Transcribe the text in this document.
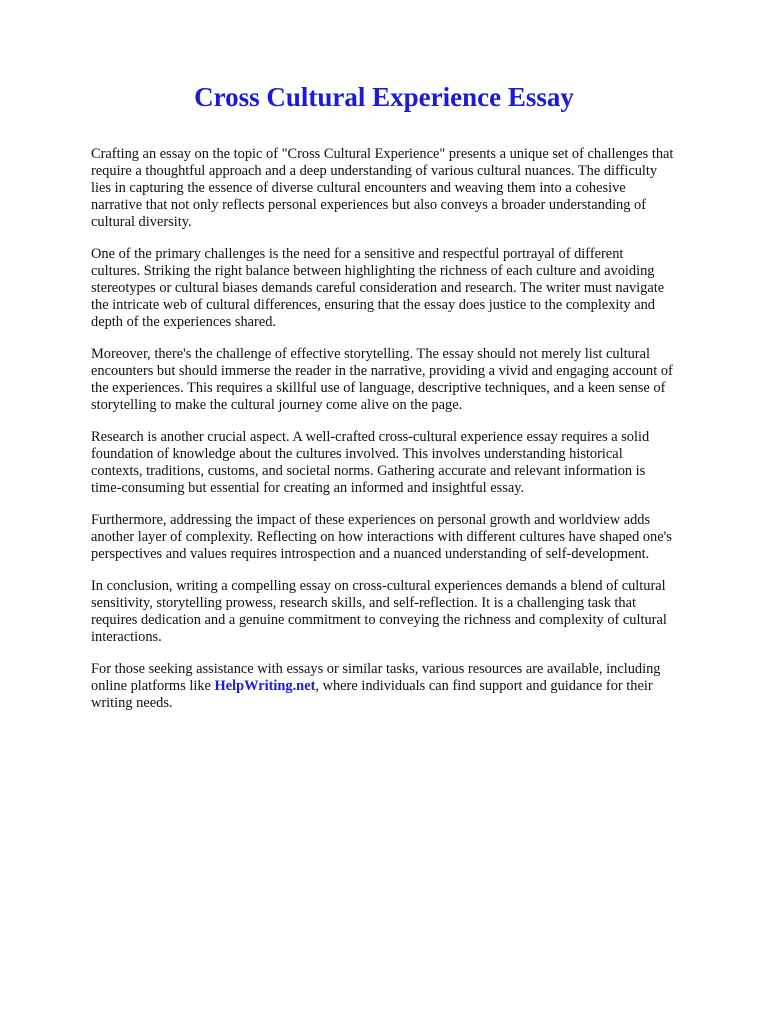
Cross Cultural Experience Essay

Crafting an essay on the topic of "Cross Cultural Experience" presents a unique set of challenges that
require a thoughtful approach and a deep understanding of various cultural nuances. The difficulty
lies in capturing the essence of diverse cultural encounters and weaving them into a cohesive
narrative that not only reflects personal experiences but also conveys a broader understanding of
cultural diversity.

One of the primary challenges is the need for a sensitive and respectful portrayal of different
cultures. Striking the right balance between highlighting the richness of each culture and avoiding
stereotypes or cultural biases demands careful consideration and research. The writer must navigate
the intricate web of cultural differences, ensuring that the essay does justice to the complexity and
depth of the experiences shared.

Moreover, there's the challenge of effective storytelling. The essay should not merely list cultural
encounters but should immerse the reader in the narrative, providing a vivid and engaging account of
the experiences. This requires a skillful use of language, descriptive techniques, and a keen sense of
storytelling to make the cultural journey come alive on the page.

Research is another crucial aspect. A well-crafted cross-cultural experience essay requires a solid
foundation of knowledge about the cultures involved. This involves understanding historical
contexts, traditions, customs, and societal norms. Gathering accurate and relevant information is
time-consuming but essential for creating an informed and insightful essay.

Furthermore, addressing the impact of these experiences on personal growth and worldview adds
another layer of complexity. Reflecting on how interactions with different cultures have shaped one's
perspectives and values requires introspection and a nuanced understanding of self-development.

In conclusion, writing a compelling essay on cross-cultural experiences demands a blend of cultural
sensitivity, storytelling prowess, research skills, and self-reflection. It is a challenging task that
requires dedication and a genuine commitment to conveying the richness and complexity of cultural
interactions.

For those seeking assistance with essays or similar tasks, various resources are available, including
online platforms like HelpWriting.net, where individuals can find support and guidance for their
writing needs.
